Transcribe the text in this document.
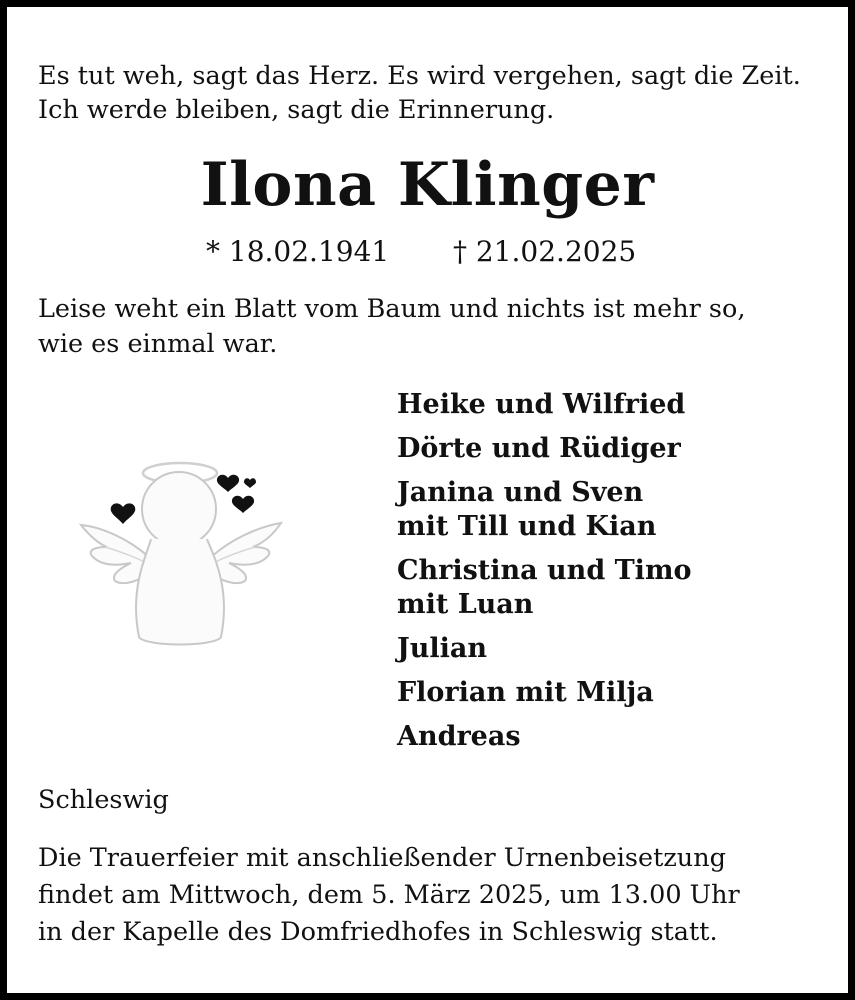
Es tut weh, sagt das Herz. Es wird vergehen, sagt die Zeit.
Ich werde bleiben, sagt die Erinnerung.
Ilona Klinger
* 18.02.1941 † 21.02.2025
Leise weht ein Blatt vom Baum und nichts ist mehr so,
wie es einmal war.
Heike und Wilfried
Dörte und Rüdiger
Janina und Sven
mit Till und Kian
Christina und Timo
mit Luan
Julian
Florian mit Milja
Andreas
Schleswig
Die Trauerfeier mit anschließender Urnenbeisetzung
findet am Mittwoch, dem 5. März 2025, um 13.00 Uhr
in der Kapelle des Domfriedhofes in Schleswig statt.
